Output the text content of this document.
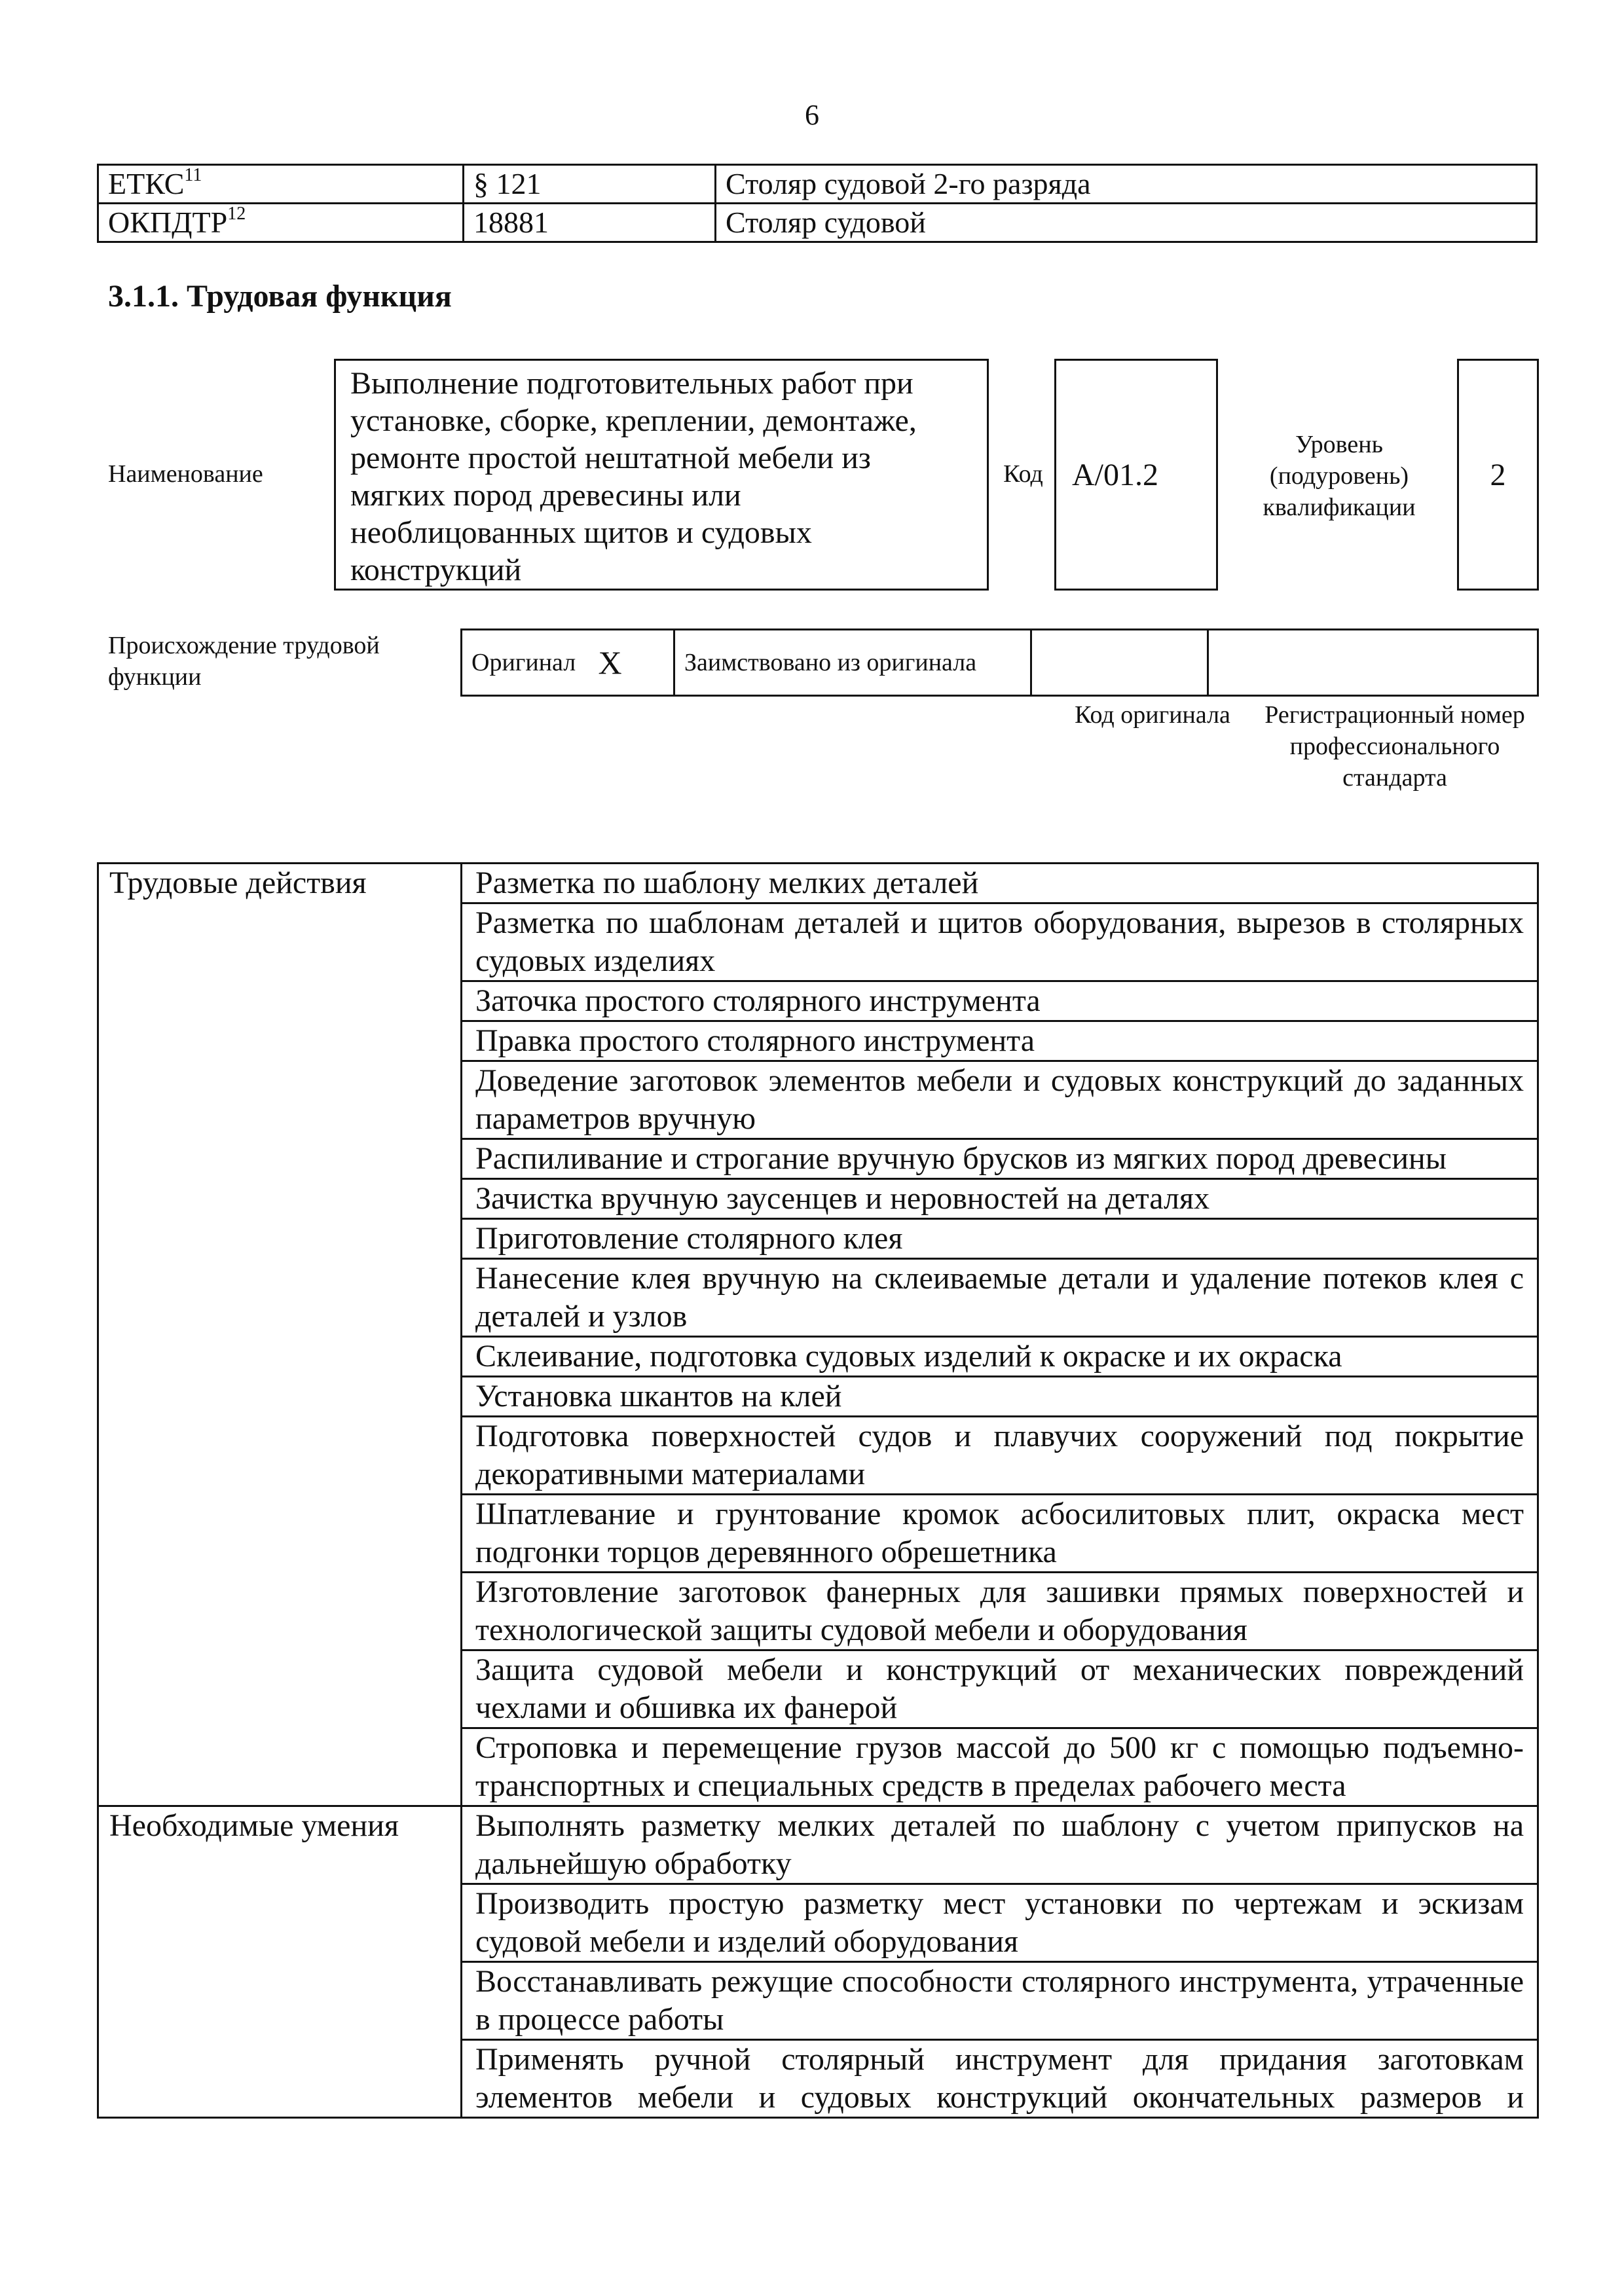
6
ЕТКС$^{11}$	§ 121	Столяр судовой 2-го разряда
ОКПДТР$^{12}$	18881	Столяр судовой
3.1.1. Трудовая функция
Наименование
Выполнение подготовительных работ при установке, сборке, креплении, демонтаже, ремонте простой нештатной мебели из мягких пород древесины или необлицованных щитов и судовых конструкций
Код A/01.2
Уровень (подуровень) квалификации
2
Происхождение трудовой функции
Оригинал	X	Заимствовано из оригинала		
Код оригинала	Регистрационный номер профессионального стандарта
Трудовые действия	Разметка по шаблону мелких деталей
	Разметка по шаблонам деталей и щитов оборудования, вырезов в столярных судовых изделиях
	Заточка простого столярного инструмента
	Правка простого столярного инструмента
	Доведение заготовок элементов мебели и судовых конструкций до заданных параметров вручную
	Распиливание и строгание вручную брусков из мягких пород древесины
	Зачистка вручную заусенцев и неровностей на деталях
	Приготовление столярного клея
	Нанесение клея вручную на склеиваемые детали и удаление потеков клея с деталей и узлов
	Склеивание, подготовка судовых изделий к окраске и их окраска
	Установка шкантов на клей
	Подготовка поверхностей судов и плавучих сооружений под покрытие декоративными материалами
	Шпатлевание и грунтование кромок асбосилитовых плит, окраска мест подгонки торцов деревянного обрешетника
	Изготовление заготовок фанерных для зашивки прямых поверхностей и технологической защиты судовой мебели и оборудования
	Защита судовой мебели и конструкций от механических повреждений чехлами и обшивка их фанерой
	Строповка и перемещение грузов массой до 500 кг с помощью подъемно-транспортных и специальных средств в пределах рабочего места
Необходимые умения	Выполнять разметку мелких деталей по шаблону с учетом припусков на дальнейшую обработку
	Производить простую разметку мест установки по чертежам и эскизам судовой мебели и изделий оборудования
	Восстанавливать режущие способности столярного инструмента, утраченные в процессе работы

	Применять ручной столярный инструмент для придания заготовкам элементов мебели и судовых конструкций окончательных размеров и
